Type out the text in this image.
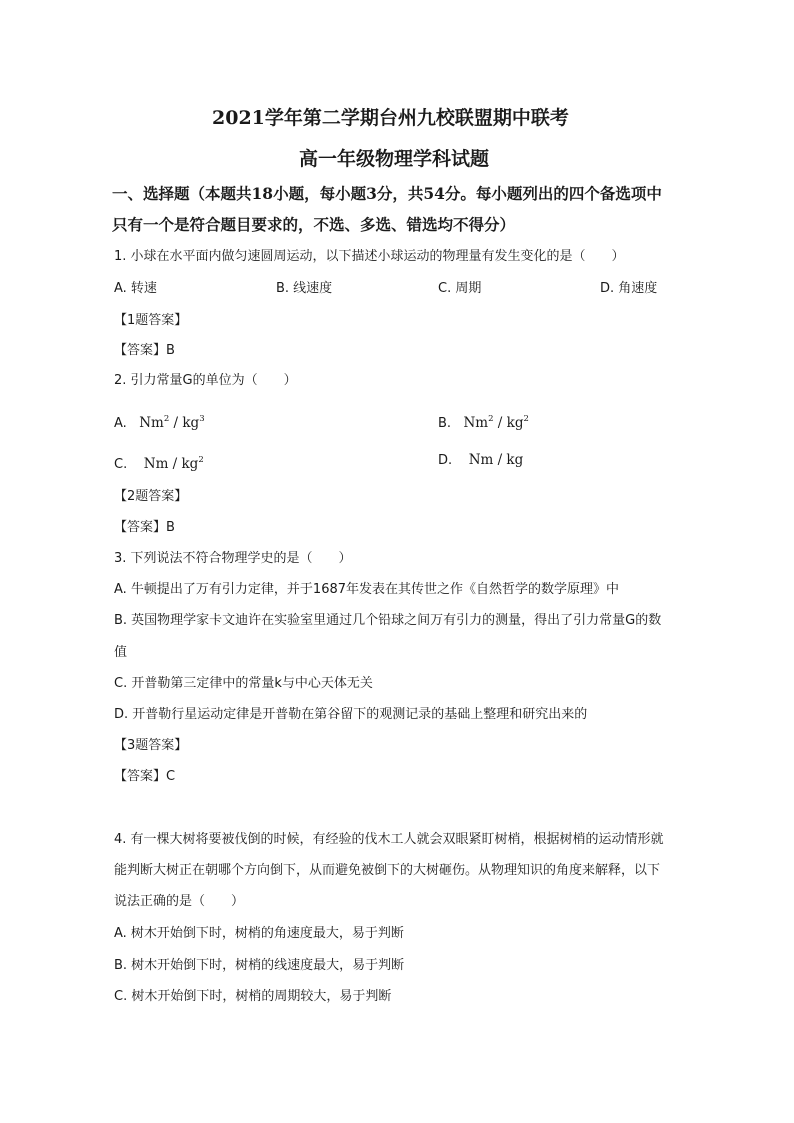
2021学年第二学期台州九校联盟期中联考
高一年级物理学科试题
一、选择题（本题共18小题，每小题3分，共54分。每小题列出的四个备选项中
只有一个是符合题目要求的，不选、多选、错选均不得分）
1. 小球在水平面内做匀速圆周运动，以下描述小球运动的物理量有发生变化的是（　　）
A. 转速	B. 线速度	C. 周期	D. 角速度
【1题答案】
【答案】B
2. 引力常量G的单位为（　　）
A. $Nm^2 / kg^3$	B. $Nm^2 / kg^2$
C. Nm / $kg^2$	D. Nm / kg
【2题答案】
【答案】B
3. 下列说法不符合物理学史的是（　　）
A. 牛顿提出了万有引力定律，并于1687年发表在其传世之作《自然哲学的数学原理》中
B. 英国物理学家卡文迪许在实验室里通过几个铅球之间万有引力的测量，得出了引力常量G的数
值
C. 开普勒第三定律中的常量k与中心天体无关
D. 开普勒行星运动定律是开普勒在第谷留下的观测记录的基础上整理和研究出来的
【3题答案】
【答案】C
4. 有一棵大树将要被伐倒的时候，有经验的伐木工人就会双眼紧盯树梢，根据树梢的运动情形就
能判断大树正在朝哪个方向倒下，从而避免被倒下的大树砸伤。从物理知识的角度来解释，以下
说法正确的是（　　）
A. 树木开始倒下时，树梢的角速度最大，易于判断
B. 树木开始倒下时，树梢的线速度最大，易于判断
C. 树木开始倒下时，树梢的周期较大，易于判断
